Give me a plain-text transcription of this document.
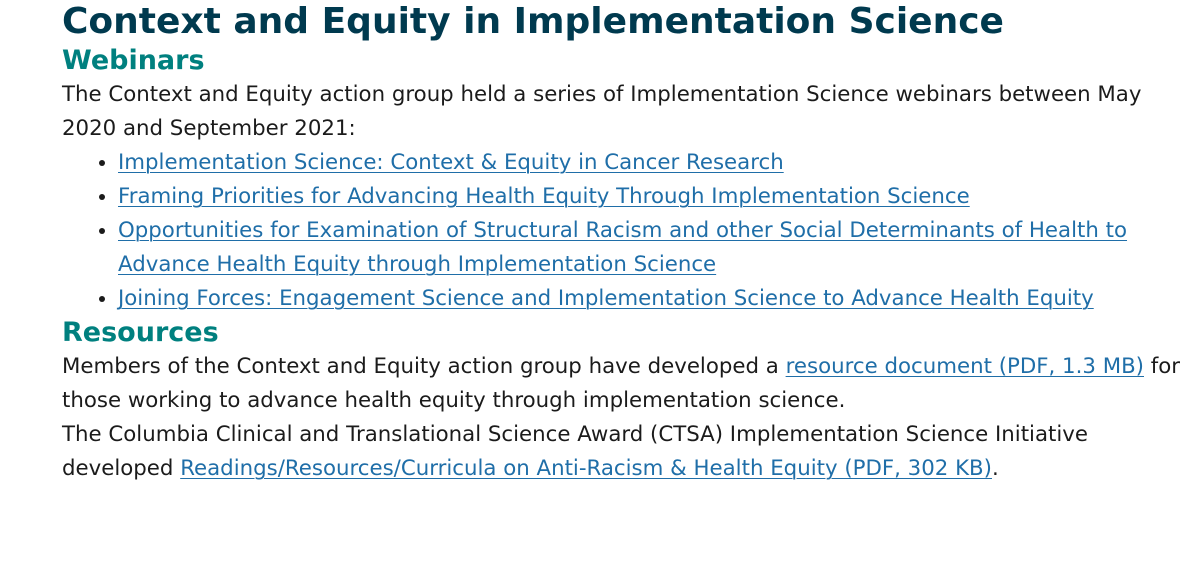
Context and Equity in Implementation Science
Webinars

The Context and Equity action group held a series of Implementation Science webinars between May 2020 and September 2021:

• Implementation Science: Context & Equity in Cancer Research
• Framing Priorities for Advancing Health Equity Through Implementation Science
• Opportunities for Examination of Structural Racism and other Social Determinants of Health to Advance Health Equity through Implementation Science
• Joining Forces: Engagement Science and Implementation Science to Advance Health Equity
Resources

Members of the Context and Equity action group have developed a resource document (PDF, 1.3 MB) for those working to advance health equity through implementation science.

The Columbia Clinical and Translational Science Award (CTSA) Implementation Science Initiative developed Readings/Resources/Curricula on Anti-Racism & Health Equity (PDF, 302 KB).
